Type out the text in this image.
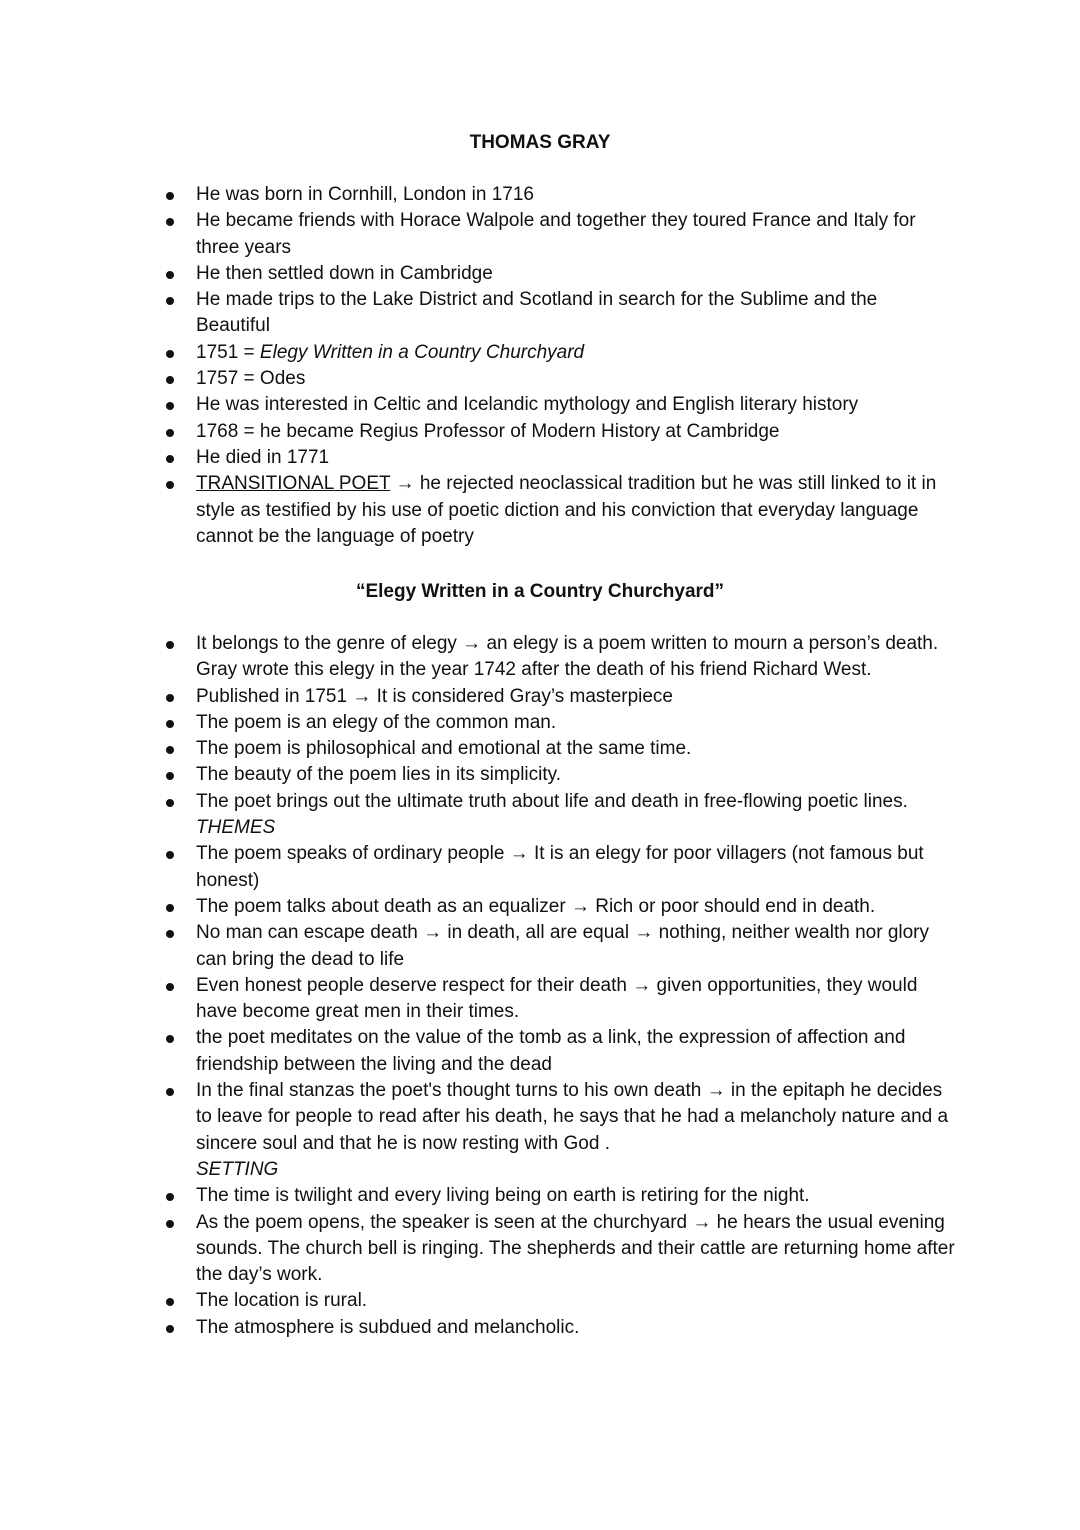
THOMAS GRAY
He was born in Cornhill, London in 1716
He became friends with Horace Walpole and together they toured France and Italy for three years
He then settled down in Cambridge
He made trips to the Lake District and Scotland in search for the Sublime and the Beautiful
1751 = Elegy Written in a Country Churchyard
1757 = Odes
He was interested in Celtic and Icelandic mythology and English literary history
1768 = he became Regius Professor of Modern History at Cambridge
He died in 1771
TRANSITIONAL POET → he rejected neoclassical tradition but he was still linked to it in style as testified by his use of poetic diction and his conviction that everyday language cannot be the language of poetry
“Elegy Written in a Country Churchyard”
It belongs to the genre of elegy → an elegy is a poem written to mourn a person’s death. Gray wrote this elegy in the year 1742 after the death of his friend Richard West.
Published in 1751 → It is considered Gray’s masterpiece
The poem is an elegy of the common man.
The poem is philosophical and emotional at the same time.
The beauty of the poem lies in its simplicity.
The poet brings out the ultimate truth about life and death in free-flowing poetic lines.
THEMES
The poem speaks of ordinary people → It is an elegy for poor villagers (not famous but honest)
The poem talks about death as an equalizer → Rich or poor should end in death.
No man can escape death → in death, all are equal → nothing, neither wealth nor glory can bring the dead to life
Even honest people deserve respect for their death → given opportunities, they would have become great men in their times.
the poet meditates on the value of the tomb as a link, the expression of affection and friendship between the living and the dead
In the final stanzas the poet's thought turns to his own death → in the epitaph he decides to leave for people to read after his death, he says that he had a melancholy nature and a sincere soul and that he is now resting with God .
SETTING
The time is twilight and every living being on earth is retiring for the night.
As the poem opens, the speaker is seen at the churchyard → he hears the usual evening sounds. The church bell is ringing. The shepherds and their cattle are returning home after the day’s work.
The location is rural.
The atmosphere is subdued and melancholic.
